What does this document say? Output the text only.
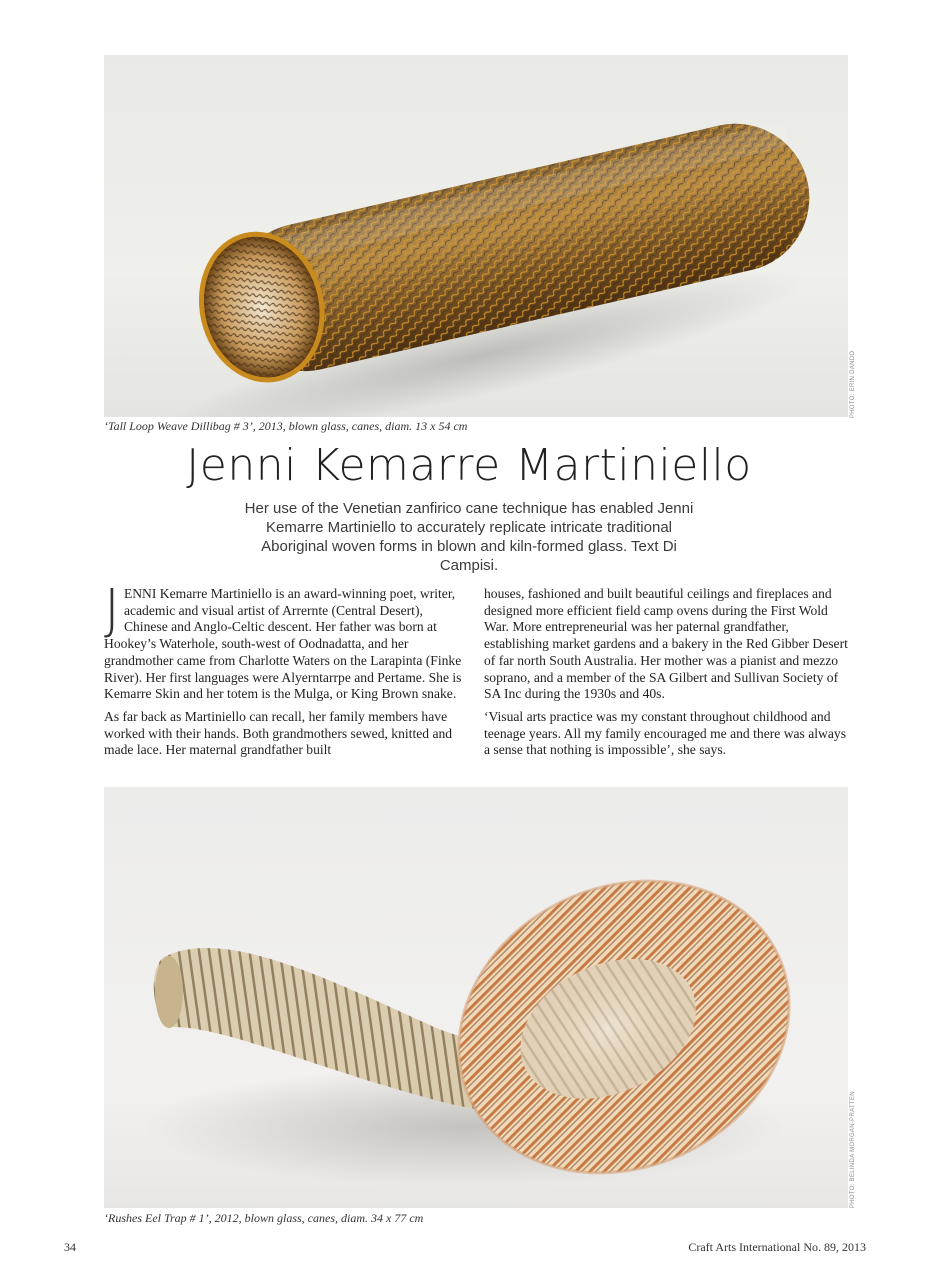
PHOTO: ERIN DANDO
‘Tall Loop Weave Dillibag # 3’, 2013, blown glass, canes, diam. 13 x 54 cm
Jenni Kemarre Martiniello
Her use of the Venetian zanfirico cane technique has enabled Jenni Kemarre Martiniello to accurately replicate intricate traditional Aboriginal woven forms in blown and kiln-formed glass. Text Di Campisi.

JENNI Kemarre Martiniello is an award-winning poet, writer, academic and visual artist of Arrernte (Central Desert), Chinese and Anglo-Celtic descent. Her father was born at Hookey’s Waterhole, south-west of Oodnadatta, and her grandmother came from Charlotte Waters on the Larapinta (Finke River). Her first languages were Alyerntarrpe and Pertame. She is Kemarre Skin and her totem is the Mulga, or King Brown snake.

As far back as Martiniello can recall, her family members have worked with their hands. Both grandmothers sewed, knitted and made lace. Her maternal grandfather built

houses, fashioned and built beautiful ceilings and fireplaces and designed more efficient field camp ovens during the First Wold War. More entrepreneurial was her paternal grandfather, establishing market gardens and a bakery in the Red Gibber Desert of far north South Australia. Her mother was a pianist and mezzo soprano, and a member of the SA Gilbert and Sullivan Society of SA Inc during the 1930s and 40s.

‘Visual arts practice was my constant throughout childhood and teenage years. All my family encouraged me and there was always a sense that nothing is impossible’, she says.

PHOTO: BELINDA MORGAN-PRATTEN
‘Rushes Eel Trap # 1’, 2012, blown glass, canes, diam. 34 x 77 cm
34	Craft Arts International No. 89, 2013
